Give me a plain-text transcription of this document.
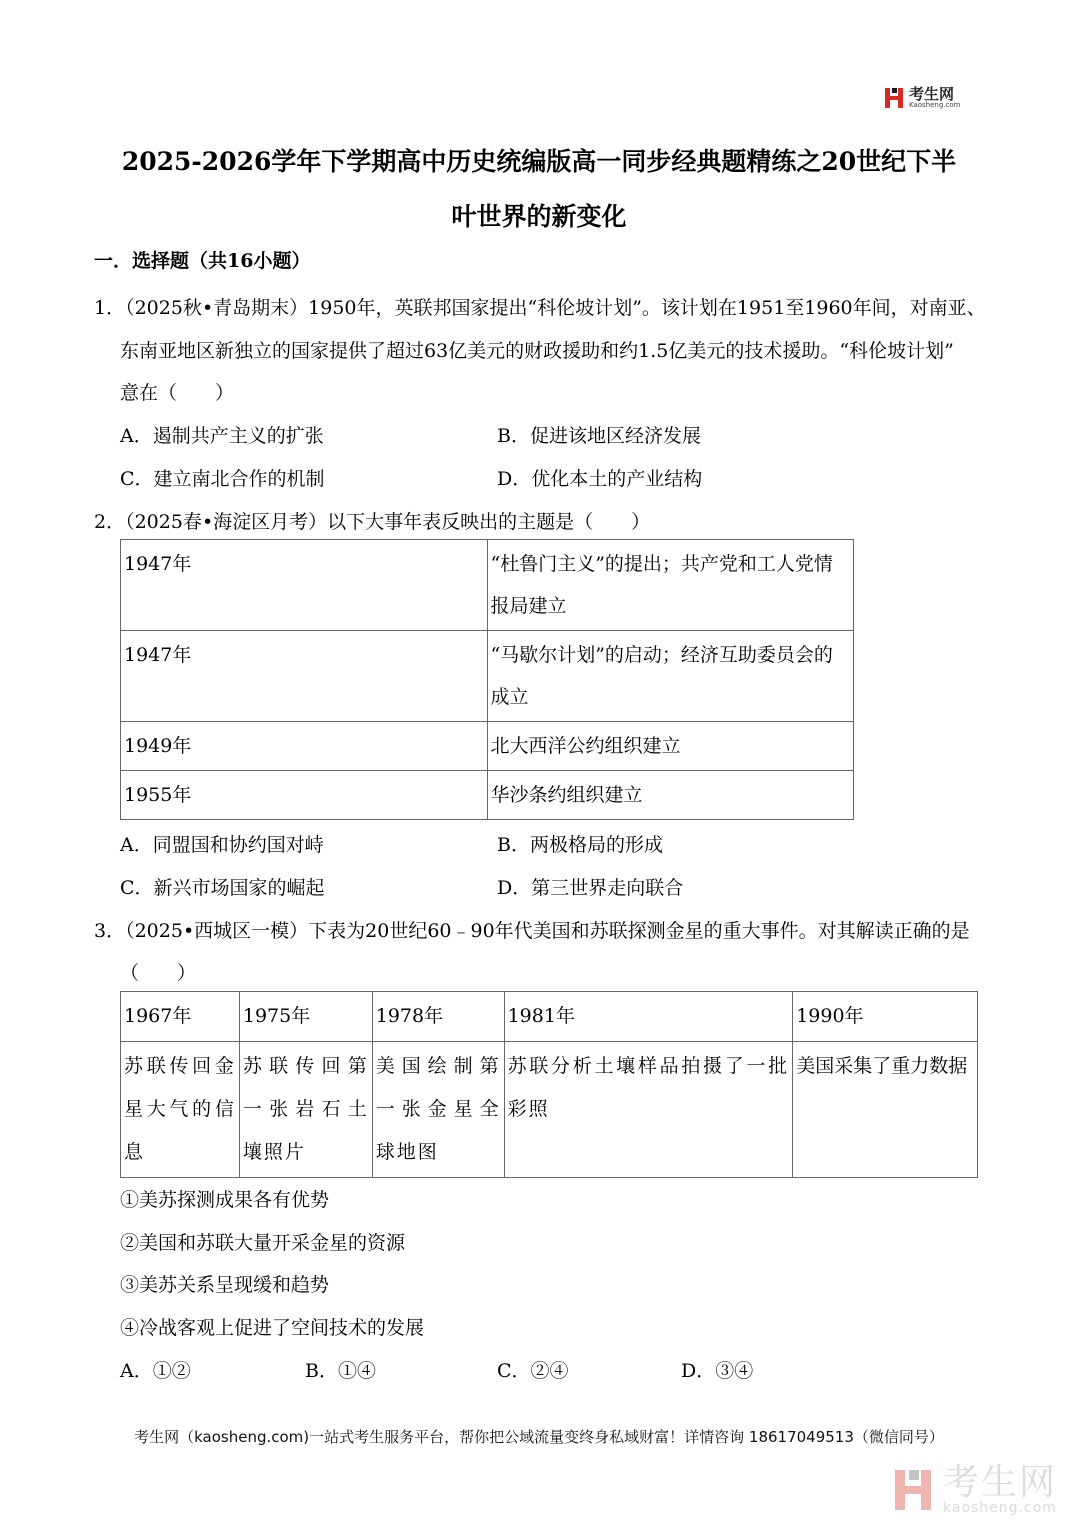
考生网
Kaosheng.com
2025-2026学年下学期高中历史统编版高一同步经典题精练之20世纪下半
叶世界的新变化
一．选择题（共16小题）
1．（2025秋•青岛期末）1950年，英联邦国家提出“科伦坡计划”。该计划在1951至1960年间，对南亚、
东南亚地区新独立的国家提供了超过63亿美元的财政援助和约1.5亿美元的技术援助。“科伦坡计划”
意在（　　）
A．遏制共产主义的扩张	B．促进该地区经济发展
C．建立南北合作的机制	D．优化本土的产业结构
2．（2025春•海淀区月考）以下大事年表反映出的主题是（　　）
1947年	“杜鲁门主义”的提出；共产党和工人党情报局建立
1947年	“马歇尔计划”的启动；经济互助委员会的成立
1949年	北大西洋公约组织建立
1955年	华沙条约组织建立
A．同盟国和协约国对峙	B．两极格局的形成
C．新兴市场国家的崛起	D．第三世界走向联合
3．（2025•西城区一模）下表为20世纪60﹣90年代美国和苏联探测金星的重大事件。对其解读正确的是
（　　）
1967年	1975年	1978年	1981年	1990年
苏联传回金星大气的信息	苏联传回第一张岩石土壤照片	美国绘制第一张金星全球地图	苏联分析土壤样品拍摄了一批彩照	美国采集了重力数据
①美苏探测成果各有优势
②美国和苏联大量开采金星的资源
③美苏关系呈现缓和趋势
④冷战客观上促进了空间技术的发展
A．①②	B．①④	C．②④	D．③④
考生网（kaosheng.com)一站式考生服务平台，帮你把公域流量变终身私域财富！详情咨询 18617049513（微信同号）
考生网
kaosheng.com
